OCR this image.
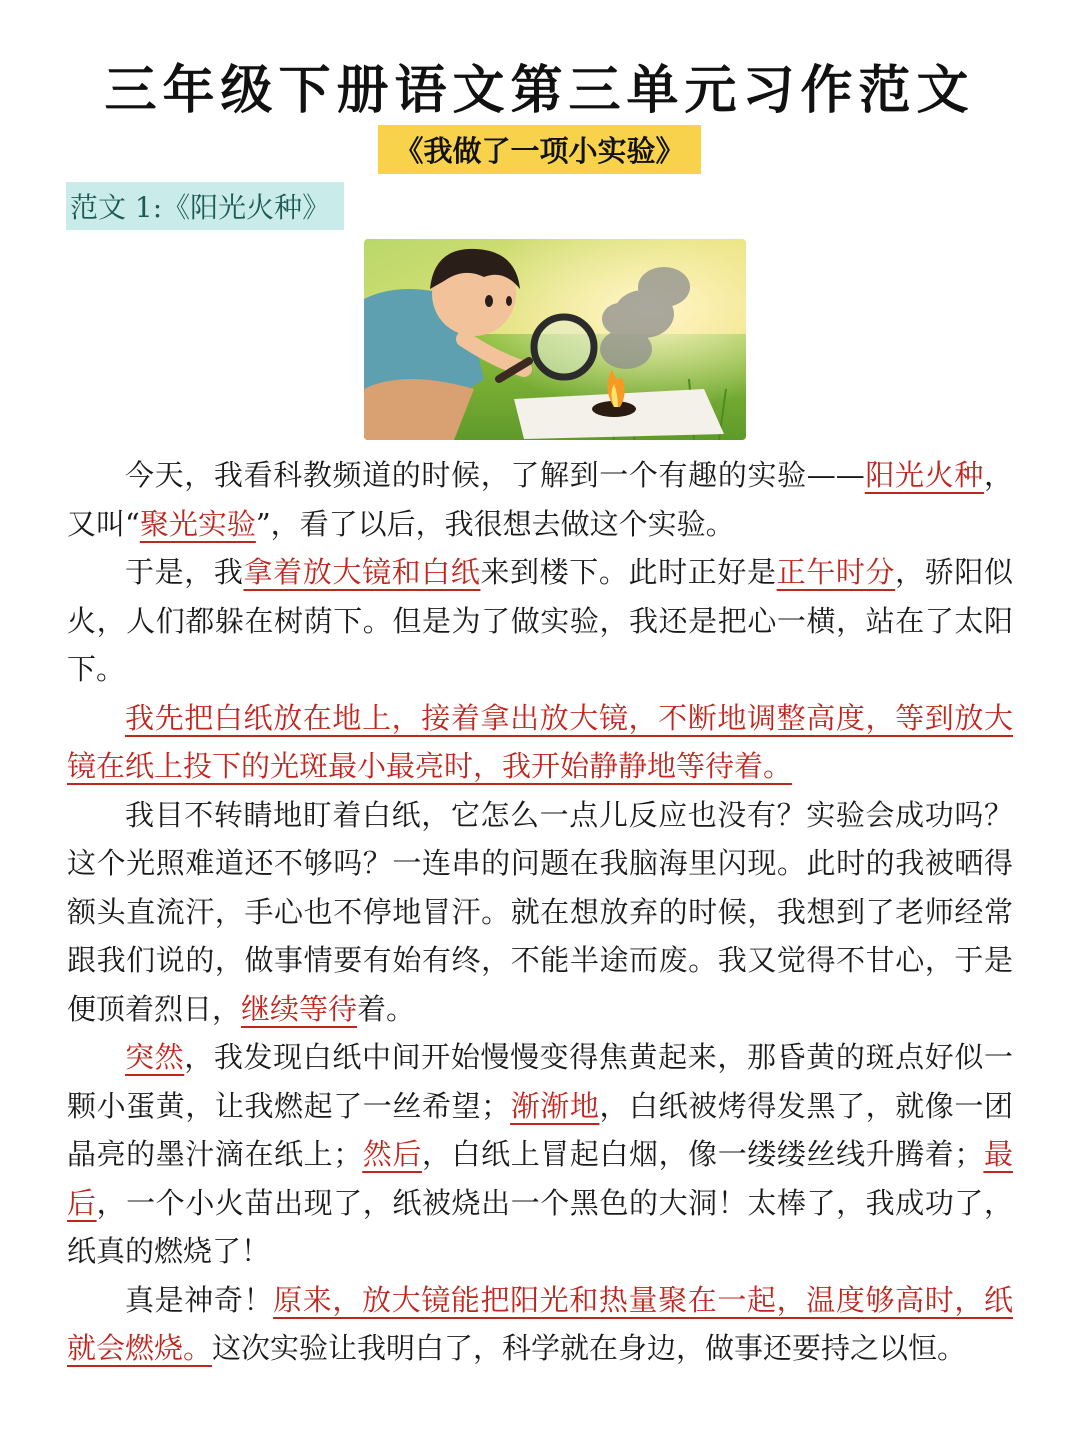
三年级下册语文第三单元习作范文
《我做了一项小实验》
范文 1:《阳光火种》

今天，我看科教频道的时候，了解到一个有趣的实验——阳光火种，又叫“聚光实验”，看了以后，我很想去做这个实验。

于是，我拿着放大镜和白纸来到楼下。此时正好是正午时分，骄阳似火，人们都躲在树荫下。但是为了做实验，我还是把心一横，站在了太阳下。

我先把白纸放在地上，接着拿出放大镜，不断地调整高度，等到放大镜在纸上投下的光斑最小最亮时，我开始静静地等待着。

我目不转睛地盯着白纸，它怎么一点儿反应也没有？实验会成功吗？这个光照难道还不够吗？一连串的问题在我脑海里闪现。此时的我被晒得额头直流汗，手心也不停地冒汗。就在想放弃的时候，我想到了老师经常跟我们说的，做事情要有始有终，不能半途而废。我又觉得不甘心，于是便顶着烈日，继续等待着。

突然，我发现白纸中间开始慢慢变得焦黄起来，那昏黄的斑点好似一颗小蛋黄，让我燃起了一丝希望；渐渐地，白纸被烤得发黑了，就像一团晶亮的墨汁滴在纸上；然后，白纸上冒起白烟，像一缕缕丝线升腾着；最后，一个小火苗出现了，纸被烧出一个黑色的大洞！太棒了，我成功了，纸真的燃烧了！

真是神奇！原来，放大镜能把阳光和热量聚在一起，温度够高时，纸就会燃烧。这次实验让我明白了，科学就在身边，做事还要持之以恒。
